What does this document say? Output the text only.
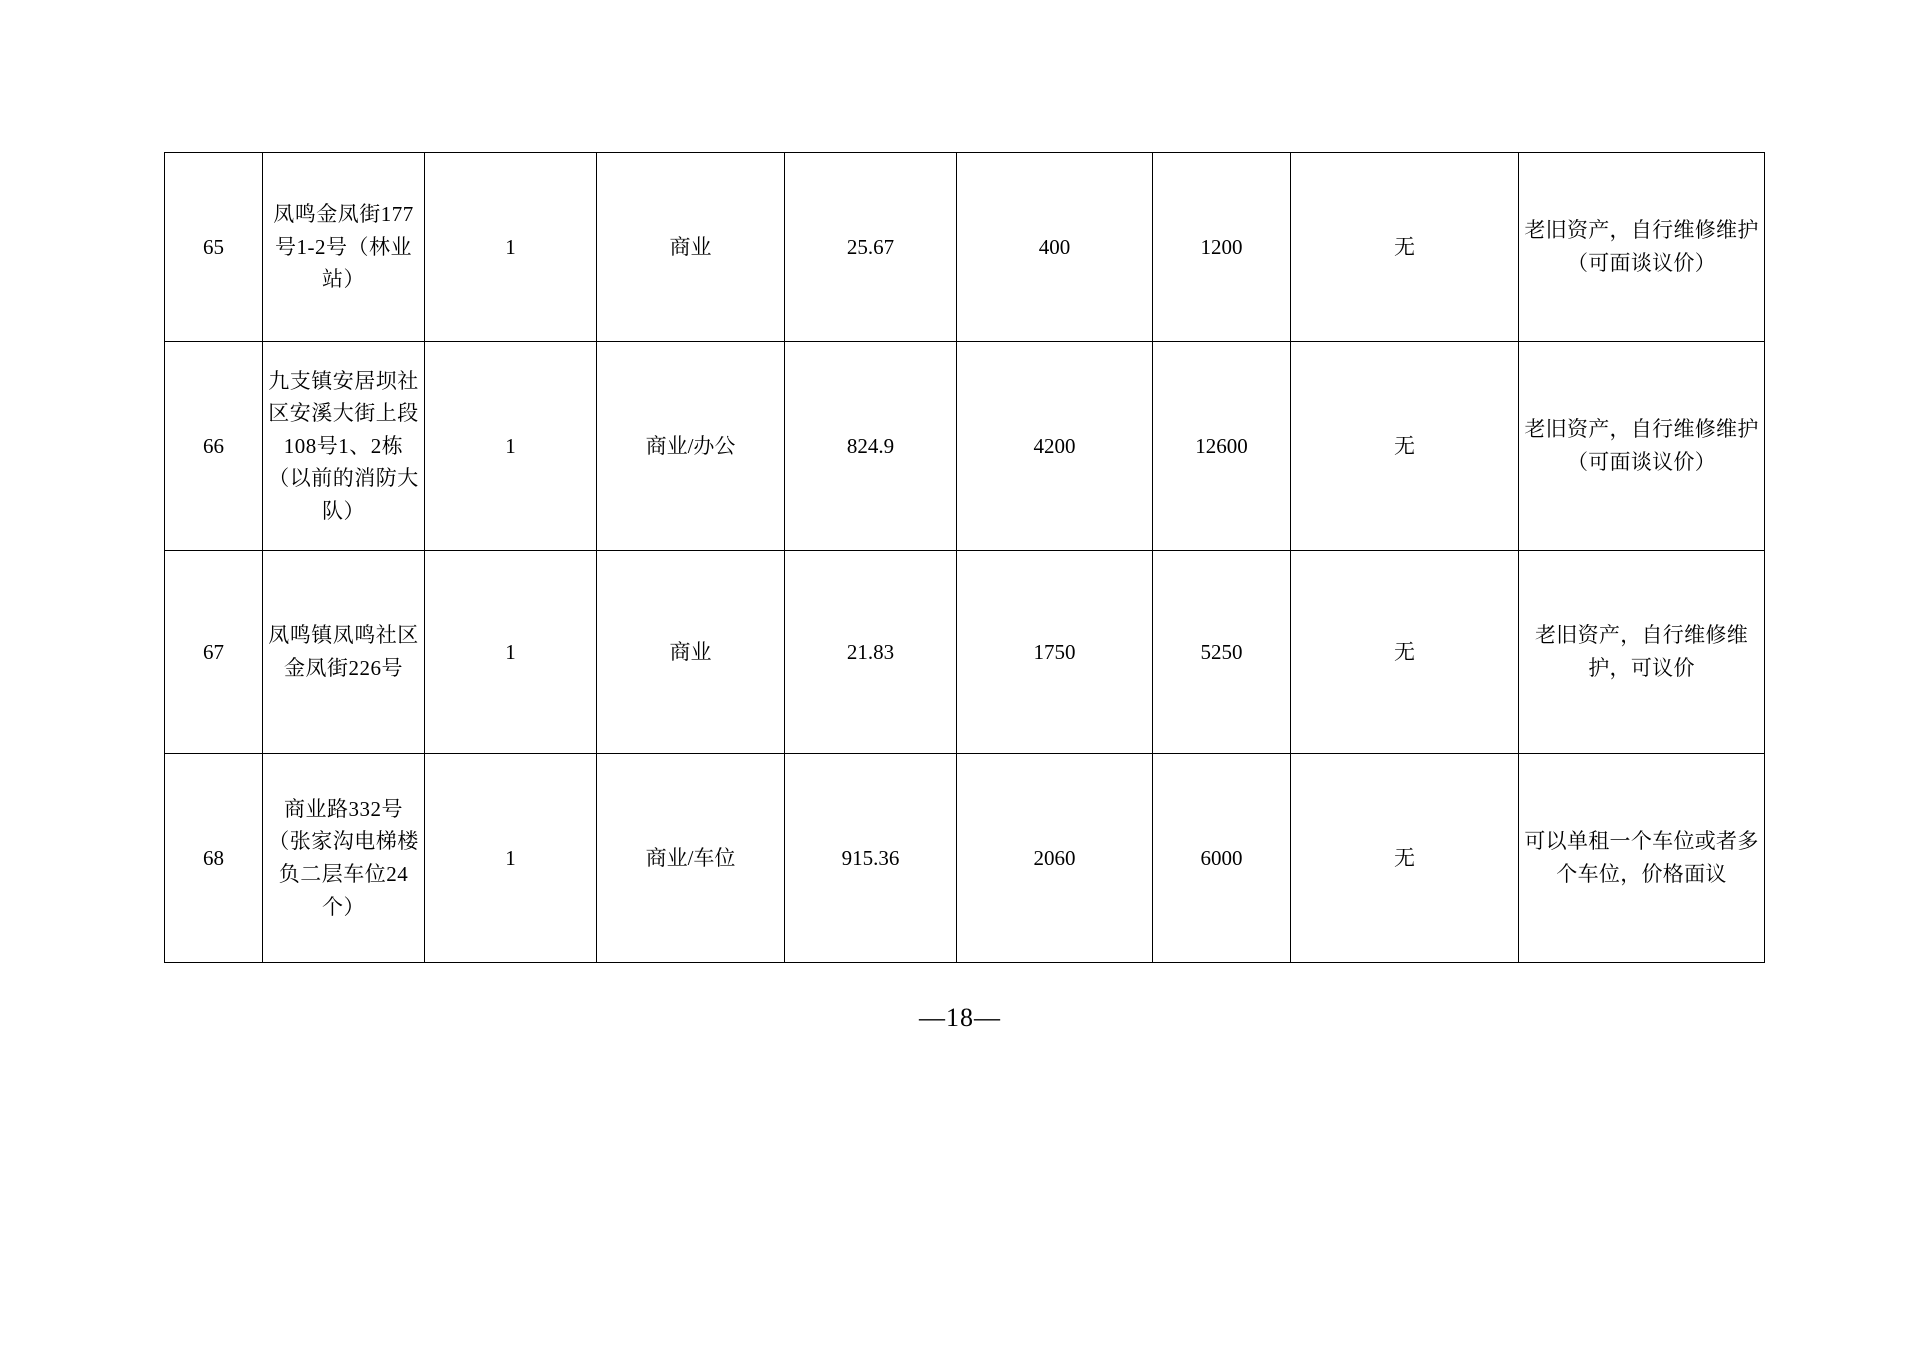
65	凤鸣金凤街177号1-2号（林业站）	1	商业	25.67	400	1200	无	老旧资产，自行维修维护（可面谈议价）
66	九支镇安居坝社区安溪大街上段108号1、2栋（以前的消防大队）	1	商业/办公	824.9	4200	12600	无	老旧资产，自行维修维护（可面谈议价）
67	凤鸣镇凤鸣社区金凤街226号	1	商业	21.83	1750	5250	无	老旧资产，自行维修维护，可议价
68	商业路332号（张家沟电梯楼负二层车位24个）	1	商业/车位	915.36	2060	6000	无	可以单租一个车位或者多个车位，价格面议
—18—
